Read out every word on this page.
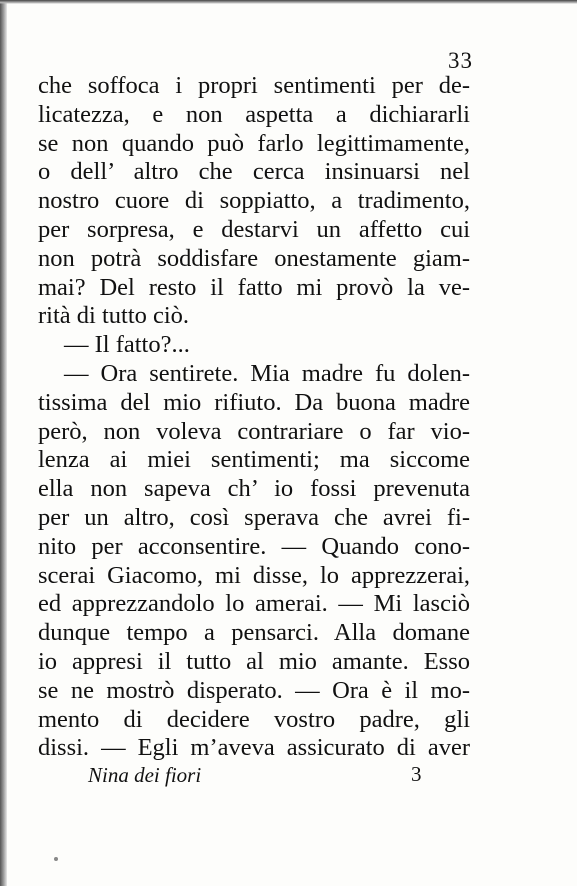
33
che soffoca i propri sentimenti per de-
licatezza, e non aspetta a dichiararli
se non quando può farlo legittimamente,
o dell’ altro che cerca insinuarsi nel
nostro cuore di soppiatto, a tradimento,
per sorpresa, e destarvi un affetto cui
non potrà soddisfare onestamente giam-
mai? Del resto il fatto mi provò la ve-
rità di tutto ciò.
— Il fatto?...
— Ora sentirete. Mia madre fu dolen-
tissima del mio rifiuto. Da buona madre
però, non voleva contrariare o far vio-
lenza ai miei sentimenti; ma siccome
ella non sapeva ch’ io fossi prevenuta
per un altro, così sperava che avrei fi-
nito per acconsentire. — Quando cono-
scerai Giacomo, mi disse, lo apprezzerai,
ed apprezzandolo lo amerai. — Mi lasciò
dunque tempo a pensarci. Alla domane
io appresi il tutto al mio amante. Esso
se ne mostrò disperato. — Ora è il mo-
mento di decidere vostro padre, gli
dissi. — Egli m’aveva assicurato di aver
Nina dei fiori	3
